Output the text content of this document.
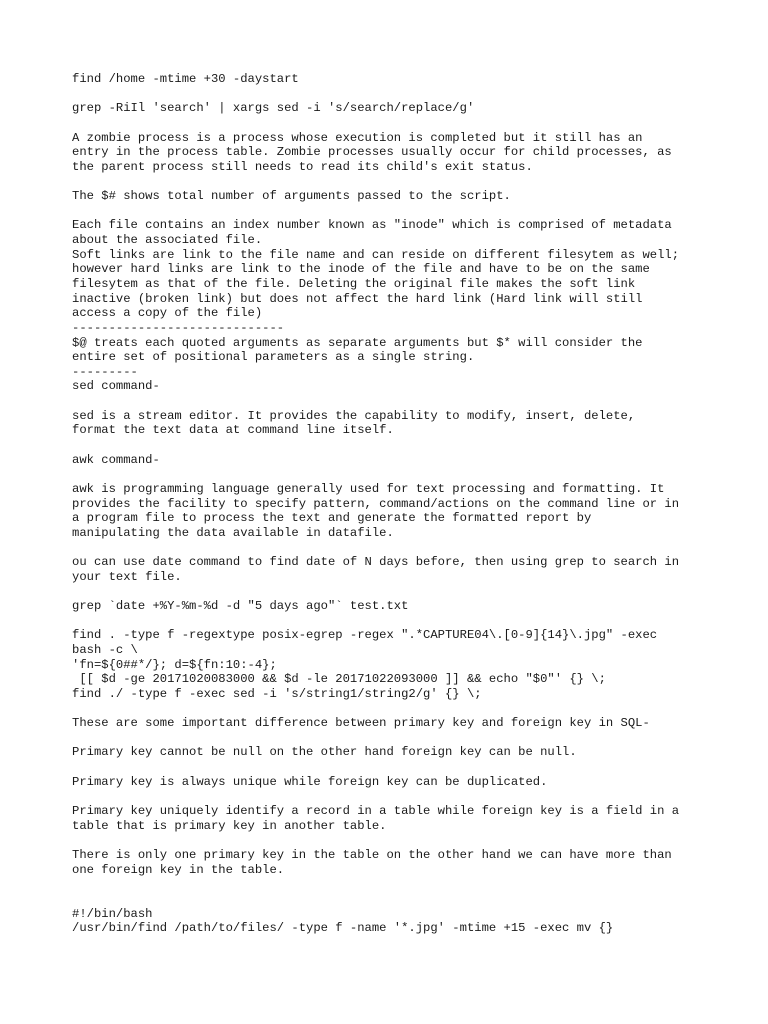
find /home -mtime +30 -daystart
grep -RiIl 'search' | xargs sed -i 's/search/replace/g'
A zombie process is a process whose execution is completed but it still has an
entry in the process table. Zombie processes usually occur for child processes, as
the parent process still needs to read its child's exit status.
The $# shows total number of arguments passed to the script.
Each file contains an index number known as "inode" which is comprised of metadata
about the associated file.
Soft links are link to the file name and can reside on different filesytem as well;
however hard links are link to the inode of the file and have to be on the same
filesytem as that of the file. Deleting the original file makes the soft link
inactive (broken link) but does not affect the hard link (Hard link will still
access a copy of the file)
-----------------------------
$@ treats each quoted arguments as separate arguments but $* will consider the
entire set of positional parameters as a single string.
---------
sed command-
sed is a stream editor. It provides the capability to modify, insert, delete,
format the text data at command line itself.
awk command-
awk is programming language generally used for text processing and formatting. It
provides the facility to specify pattern, command/actions on the command line or in
a program file to process the text and generate the formatted report by
manipulating the data available in datafile.
ou can use date command to find date of N days before, then using grep to search in
your text file.
grep `date +%Y-%m-%d -d "5 days ago"` test.txt
find . -type f -regextype posix-egrep -regex ".*CAPTURE04\.[0-9]{14}\.jpg" -exec
bash -c \
'fn=${0##*/}; d=${fn:10:-4};
[[ $d -ge 20171020083000 && $d -le 20171022093000 ]] && echo "$0"' {} \;
find ./ -type f -exec sed -i 's/string1/string2/g' {} \;
These are some important difference between primary key and foreign key in SQL-
Primary key cannot be null on the other hand foreign key can be null.
Primary key is always unique while foreign key can be duplicated.
Primary key uniquely identify a record in a table while foreign key is a field in a
table that is primary key in another table.
There is only one primary key in the table on the other hand we can have more than
one foreign key in the table.
#!/bin/bash
/usr/bin/find /path/to/files/ -type f -name '*.jpg' -mtime +15 -exec mv {}
